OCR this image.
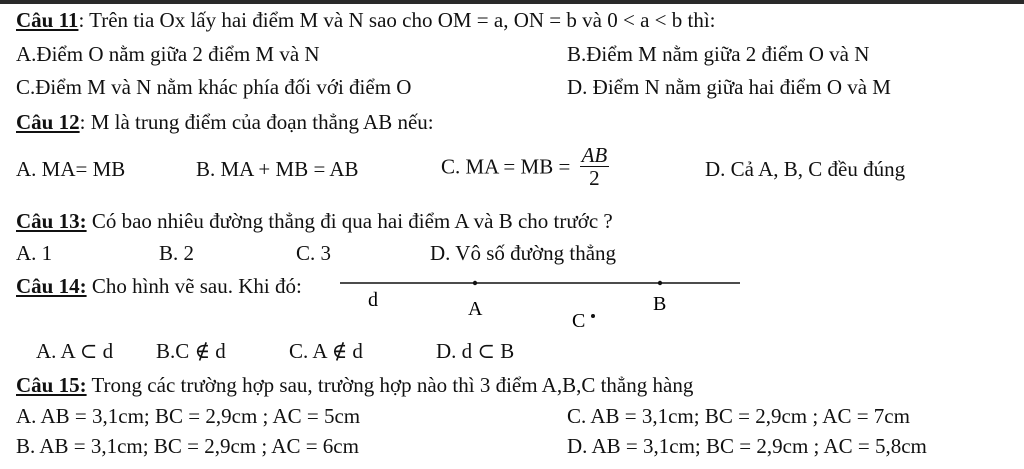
Câu 11: Trên tia Ox lấy hai điểm M và N sao cho OM = a, ON = b và 0 < a < b thì:
A.Điểm O nằm giữa 2 điểm M và N	B.Điểm M nằm giữa 2 điểm O và N
C.Điểm M và N nằm khác phía đối với điểm O	D. Điểm N nằm giữa hai điểm O và M
Câu 12: M là trung điểm của đoạn thẳng AB nếu:
A. MA= MB	B. MA + MB = AB	C. MA = MB = $\frac{AB}{2}$	D. Cả A, B, C đều đúng
Câu 13: Có bao nhiêu đường thẳng đi qua hai điểm A và B cho trước ?
A. 1	B. 2	C. 3	D. Vô số đường thẳng
Câu 14: Cho hình vẽ sau. Khi đó:
d	A
C
B
A. A ⊂ d B.C ∉ d	C. A ∉ d	D. d ⊂ B
Câu 15: Trong các trường hợp sau, trường hợp nào thì 3 điểm A,B,C thẳng hàng
A. AB = 3,1cm; BC = 2,9cm ; AC = 5cm	C. AB = 3,1cm; BC = 2,9cm ; AC = 7cm
B. AB = 3,1cm; BC = 2,9cm ; AC = 6cm	D. AB = 3,1cm; BC = 2,9cm ; AC = 5,8cm
